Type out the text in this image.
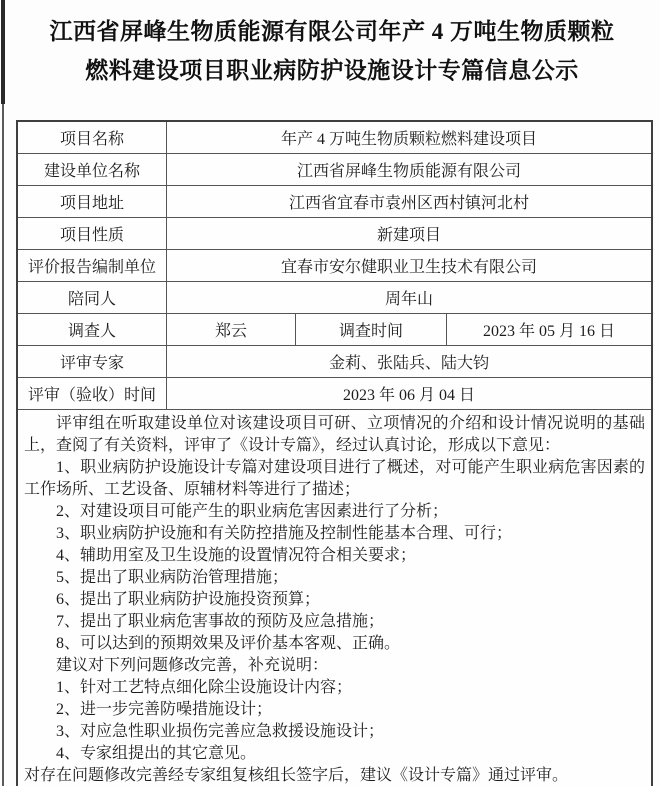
江西省屏峰生物质能源有限公司年产 4 万吨生物质颗粒
燃料建设项目职业病防护设施设计专篇信息公示
项目名称	年产 4 万吨生物质颗粒燃料建设项目
建设单位名称	江西省屏峰生物质能源有限公司
项目地址	江西省宜春市袁州区西村镇河北村
项目性质	新建项目
评价报告编制单位	宜春市安尔健职业卫生技术有限公司
陪同人	周年山
调查人	郑云	调查时间	2023 年 05 月 16 日
评审专家	金莉、张陆兵、陆大钧
评审（验收）时间	2023 年 06 月 04 日
评审组在听取建设单位对该建设项目可研、立项情况的介绍和设计情况说明的基础上，查阅了有关资料，评审了《设计专篇》，经过认真讨论，形成以下意见：
1、职业病防护设施设计专篇对建设项目进行了概述，对可能产生职业病危害因素的工作场所、工艺设备、原辅材料等进行了描述；
2、对建设项目可能产生的职业病危害因素进行了分析；
3、职业病防护设施和有关防控措施及控制性能基本合理、可行；
4、辅助用室及卫生设施的设置情况符合相关要求；
5、提出了职业病防治管理措施；
6、提出了职业病防护设施投资预算；
7、提出了职业病危害事故的预防及应急措施；
8、可以达到的预期效果及评价基本客观、正确。
建议对下列问题修改完善，补充说明：
1、针对工艺特点细化除尘设施设计内容；
2、进一步完善防噪措施设计；
3、对应急性职业损伤完善应急救援设施设计；
4、专家组提出的其它意见。
对存在问题修改完善经专家组复核组长签字后，建议《设计专篇》通过评审。
